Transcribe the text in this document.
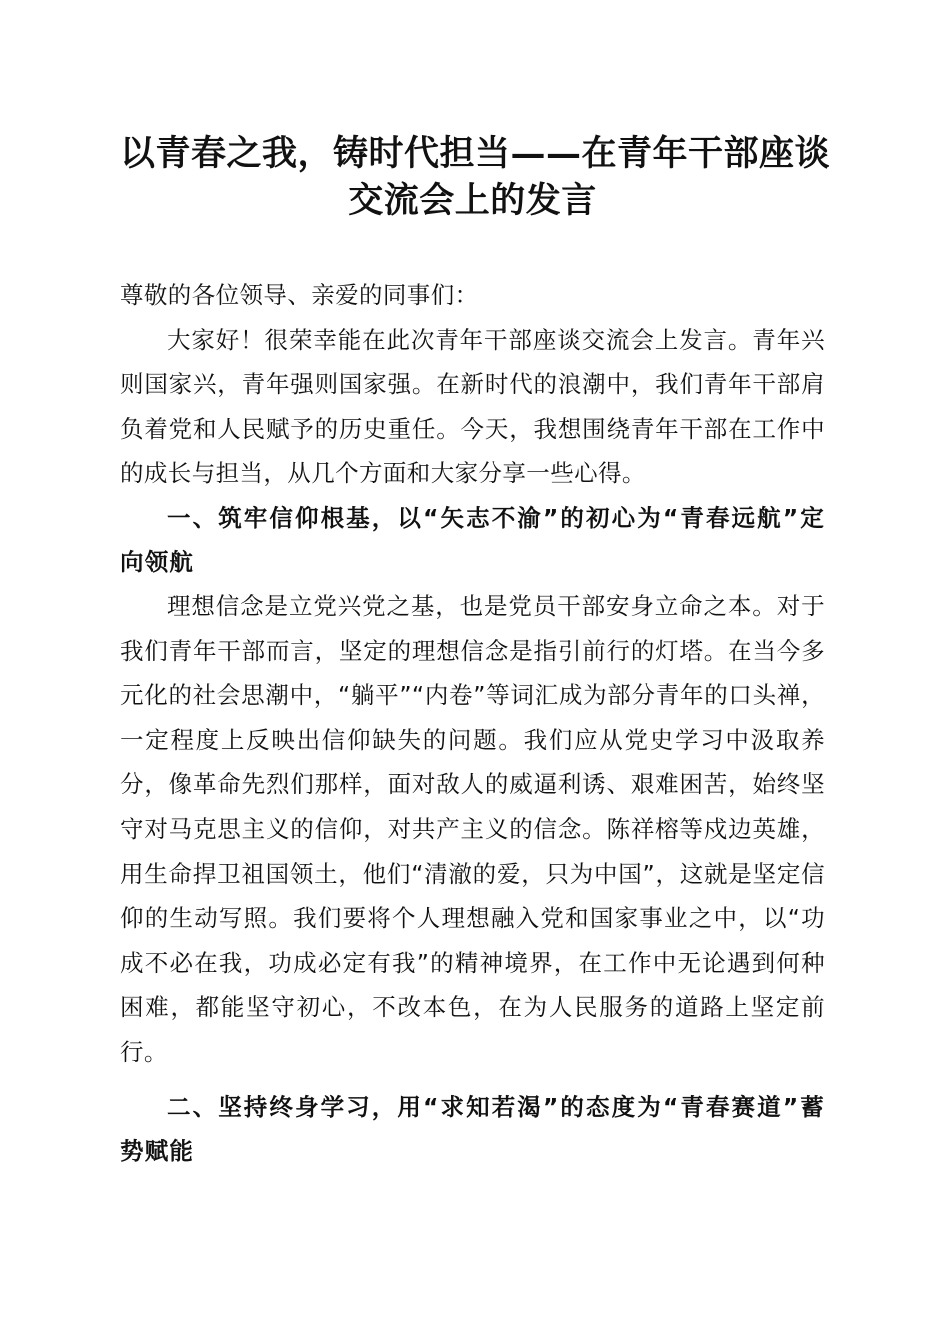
以青春之我，铸时代担当——在青年干部座谈
交流会上的发言

尊敬的各位领导、亲爱的同事们：

大家好！很荣幸能在此次青年干部座谈交流会上发言。青年兴则国家兴，青年强则国家强。在新时代的浪潮中，我们青年干部肩负着党和人民赋予的历史重任。今天，我想围绕青年干部在工作中的成长与担当，从几个方面和大家分享一些心得。

一、筑牢信仰根基，以“矢志不渝”的初心为“青春远航”定向领航

理想信念是立党兴党之基，也是党员干部安身立命之本。对于我们青年干部而言，坚定的理想信念是指引前行的灯塔。在当今多元化的社会思潮中，“躺平”“内卷”等词汇成为部分青年的口头禅，一定程度上反映出信仰缺失的问题。我们应从党史学习中汲取养分，像革命先烈们那样，面对敌人的威逼利诱、艰难困苦，始终坚守对马克思主义的信仰，对共产主义的信念。陈祥榕等戍边英雄，用生命捍卫祖国领土，他们“清澈的爱，只为中国”，这就是坚定信仰的生动写照。我们要将个人理想融入党和国家事业之中，以“功成不必在我，功成必定有我”的精神境界，在工作中无论遇到何种困难，都能坚守初心，不改本色，在为人民服务的道路上坚定前行。

二、坚持终身学习，用“求知若渴”的态度为“青春赛道”蓄势赋能
